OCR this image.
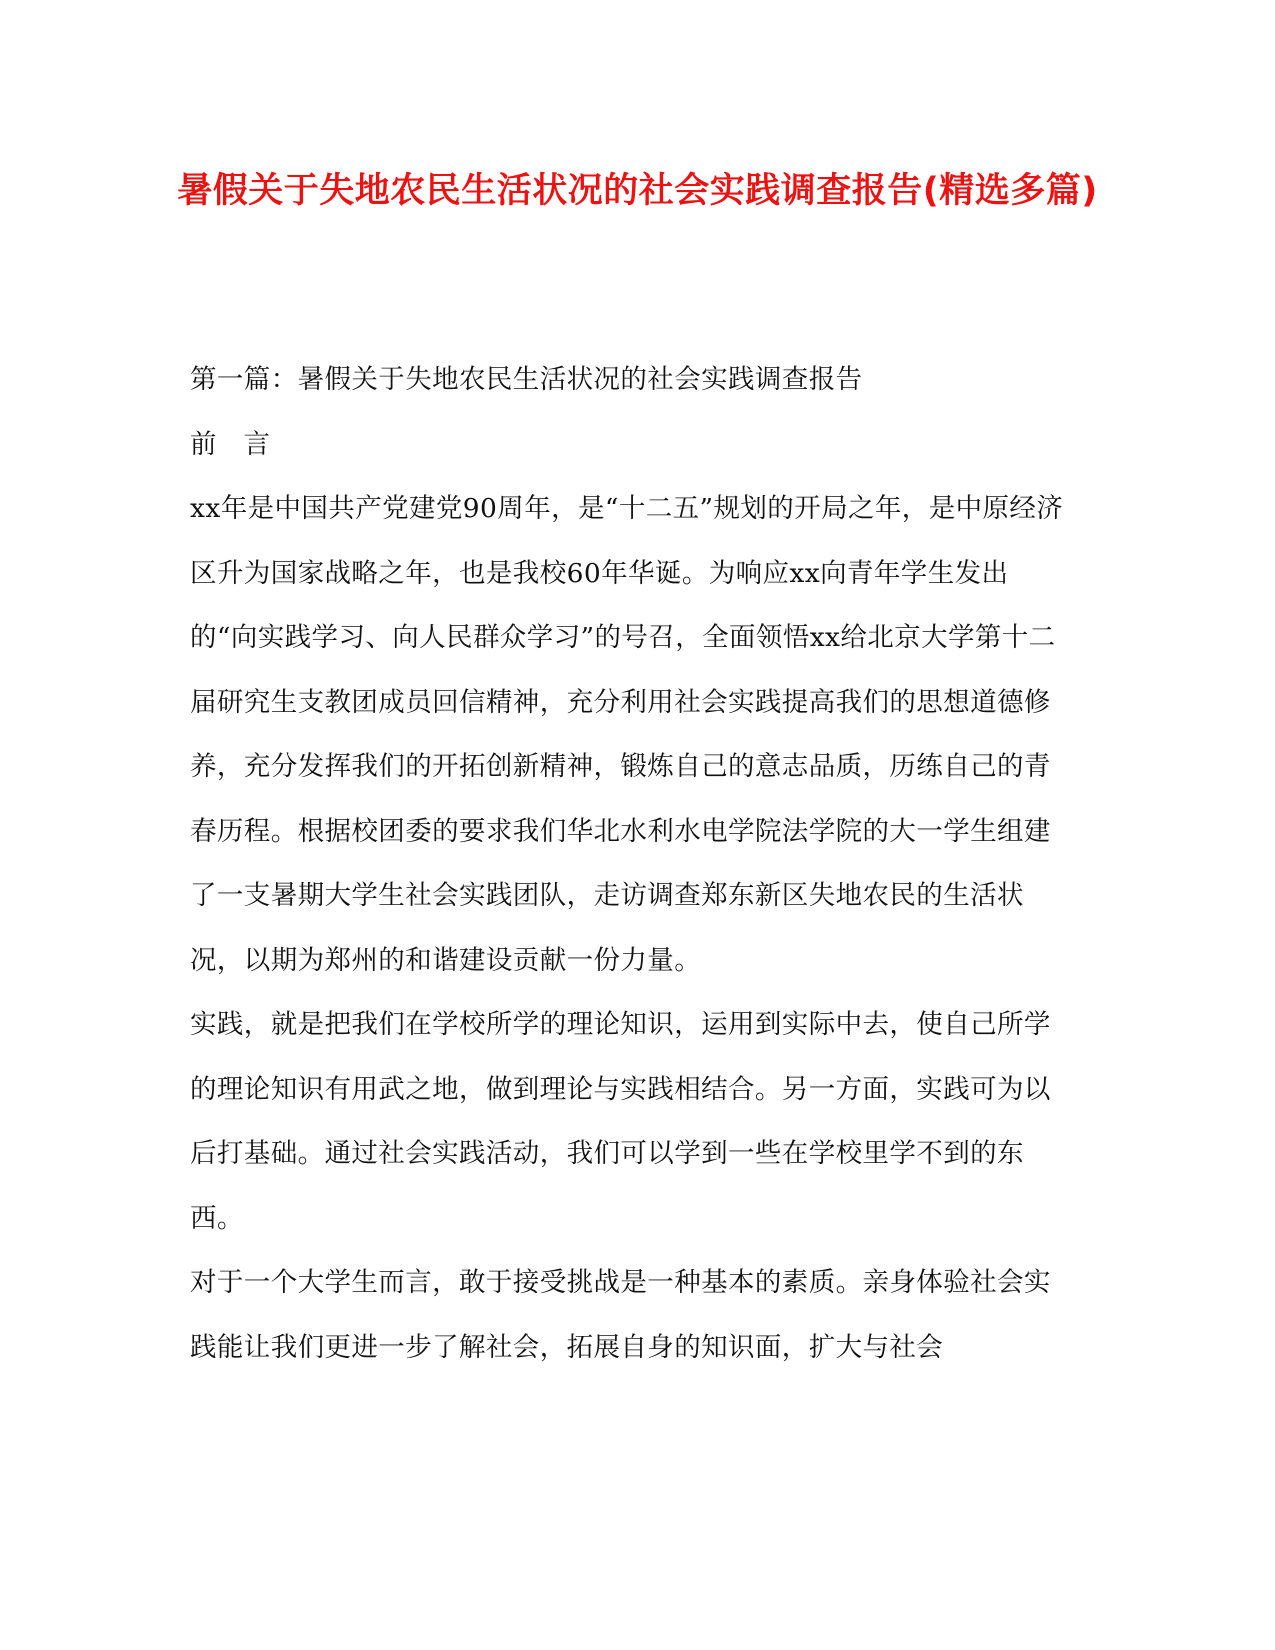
暑假关于失地农民生活状况的社会实践调查报告(精选多篇)

第一篇：暑假关于失地农民生活状况的社会实践调查报告

前 言

xx年是中国共产党建党90周年，是“十二五”规划的开局之年，是中原经济区升为国家战略之年，也是我校60年华诞。为响应xx向青年学生发出的“向实践学习、向人民群众学习”的号召，全面领悟xx给北京大学第十二届研究生支教团成员回信精神，充分利用社会实践提高我们的思想道德修养，充分发挥我们的开拓创新精神，锻炼自己的意志品质，历练自己的青春历程。根据校团委的要求我们华北水利水电学院法学院的大一学生组建了一支暑期大学生社会实践团队，走访调查郑东新区失地农民的生活状况，以期为郑州的和谐建设贡献一份力量。

实践，就是把我们在学校所学的理论知识，运用到实际中去，使自己所学的理论知识有用武之地，做到理论与实践相结合。另一方面，实践可为以后打基础。通过社会实践活动，我们可以学到一些在学校里学不到的东西。

对于一个大学生而言，敢于接受挑战是一种基本的素质。亲身体验社会实践能让我们更进一步了解社会，拓展自身的知识面，扩大与社会
